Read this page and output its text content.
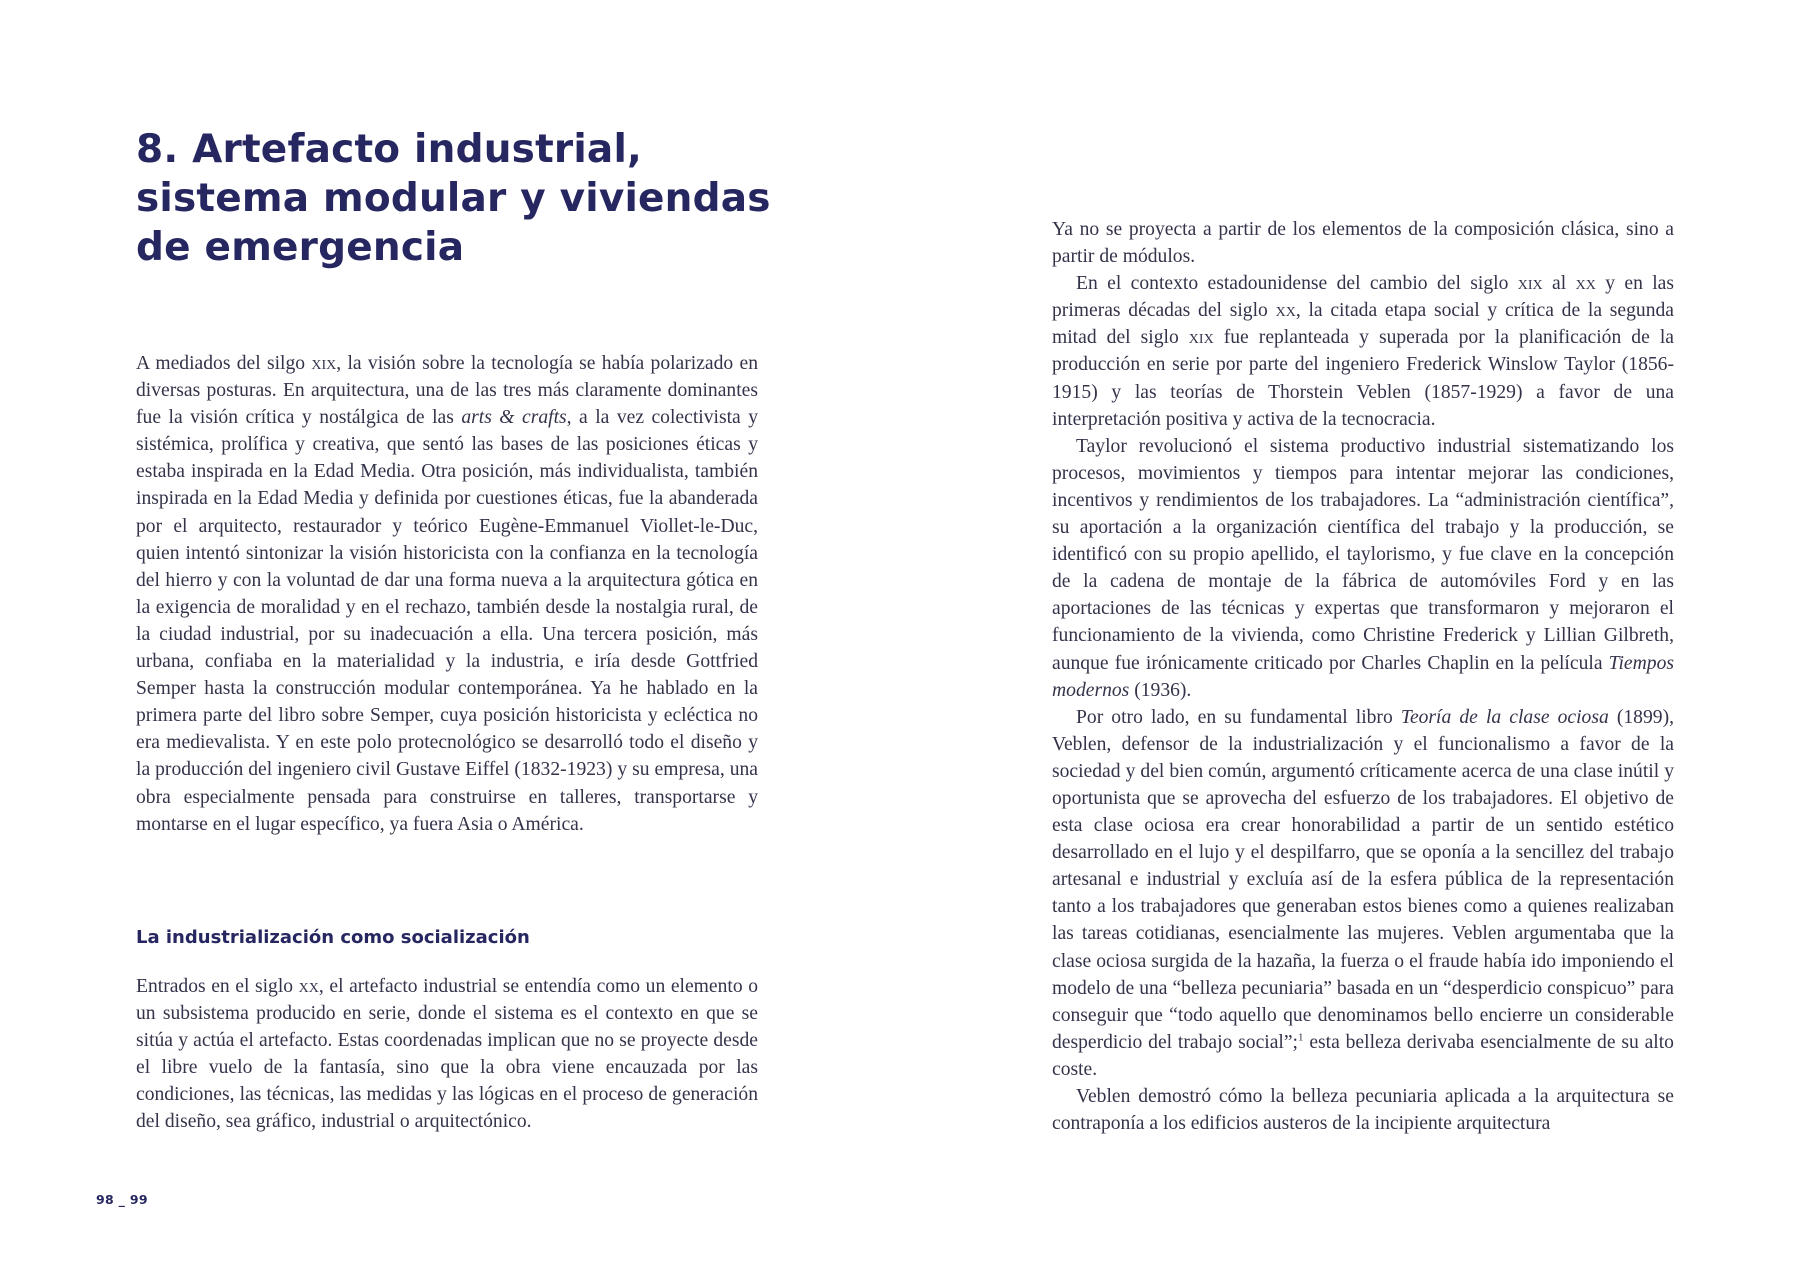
8. Artefacto industrial, sistema modular y viviendas de emergencia

A mediados del silgo xix, la visión sobre la tecnología se había polarizado en diversas posturas. En arquitectura, una de las tres más claramente dominantes fue la visión crítica y nostálgica de las arts & crafts, a la vez colectivista y sistémica, prolífica y creativa, que sentó las bases de las posiciones éticas y estaba inspirada en la Edad Media. Otra posición, más individualista, también inspirada en la Edad Media y definida por cuestiones éticas, fue la abanderada por el arquitecto, restaurador y teórico Eugène-Emmanuel Viollet-le-Duc, quien intentó sintonizar la visión historicista con la confianza en la tecnología del hierro y con la voluntad de dar una forma nueva a la arquitectura gótica en la exigencia de moralidad y en el rechazo, también desde la nostalgia rural, de la ciudad industrial, por su inadecuación a ella. Una tercera posición, más urbana, confiaba en la materialidad y la industria, e iría desde Gottfried Semper hasta la construcción modular contemporánea. Ya he hablado en la primera parte del libro sobre Semper, cuya posición historicista y ecléctica no era medievalista. Y en este polo protecnológico se desarrolló todo el diseño y la producción del ingeniero civil Gustave Eiffel (1832-1923) y su empresa, una obra especialmente pensada para construirse en talleres, transportarse y montarse en el lugar específico, ya fuera Asia o América.

La industrialización como socialización

Entrados en el siglo xx, el artefacto industrial se entendía como un elemento o un subsistema producido en serie, donde el sistema es el contexto en que se sitúa y actúa el artefacto. Estas coordenadas implican que no se proyecte desde el libre vuelo de la fantasía, sino que la obra viene encauzada por las condiciones, las técnicas, las medidas y las lógicas en el proceso de generación del diseño, sea gráfico, industrial o arquitectónico.

98 _ 99

Ya no se proyecta a partir de los elementos de la composición clásica, sino a partir de módulos.

En el contexto estadounidense del cambio del siglo xix al xx y en las primeras décadas del siglo xx, la citada etapa social y crítica de la segunda mitad del siglo xix fue replanteada y superada por la planificación de la producción en serie por parte del ingeniero Frederick Winslow Taylor (1856-1915) y las teorías de Thorstein Veblen (1857-1929) a favor de una interpretación positiva y activa de la tecnocracia.

Taylor revolucionó el sistema productivo industrial sistematizando los procesos, movimientos y tiempos para intentar mejorar las condiciones, incentivos y rendimientos de los trabajadores. La “administración científica”, su aportación a la organización científica del trabajo y la producción, se identificó con su propio apellido, el taylorismo, y fue clave en la concepción de la cadena de montaje de la fábrica de automóviles Ford y en las aportaciones de las técnicas y expertas que transformaron y mejoraron el funcionamiento de la vivienda, como Christine Frederick y Lillian Gilbreth, aunque fue irónicamente criticado por Charles Chaplin en la película Tiempos modernos (1936).

Por otro lado, en su fundamental libro Teoría de la clase ociosa (1899), Veblen, defensor de la industrialización y el funcionalismo a favor de la sociedad y del bien común, argumentó críticamente acerca de una clase inútil y oportunista que se aprovecha del esfuerzo de los trabajadores. El objetivo de esta clase ociosa era crear honorabilidad a partir de un sentido estético desarrollado en el lujo y el despilfarro, que se oponía a la sencillez del trabajo artesanal e industrial y excluía así de la esfera pública de la representación tanto a los trabajadores que generaban estos bienes como a quienes realizaban las tareas cotidianas, esencialmente las mujeres. Veblen argumentaba que la clase ociosa surgida de la hazaña, la fuerza o el fraude había ido imponiendo el modelo de una “belleza pecuniaria” basada en un “desperdicio conspicuo” para conseguir que “todo aquello que denominamos bello encierre un considerable desperdicio del trabajo social”;$^1$ esta belleza derivaba esencialmente de su alto coste.

Veblen demostró cómo la belleza pecuniaria aplicada a la arquitectura se contraponía a los edificios austeros de la incipiente arquitectura
